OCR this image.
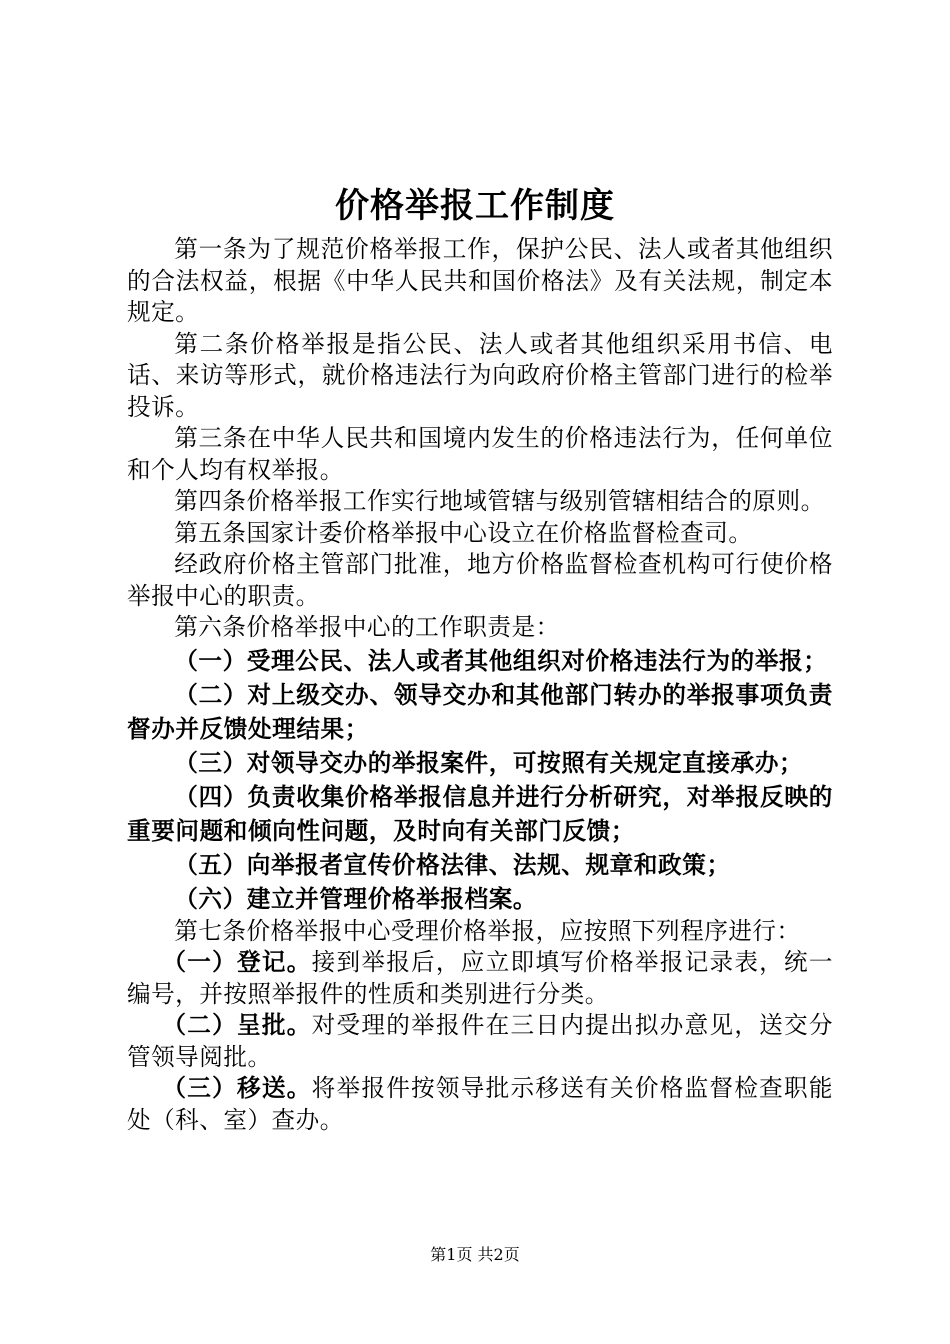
价格举报工作制度

第一条为了规范价格举报工作，保护公民、法人或者其他组织的合法权益，根据《中华人民共和国价格法》及有关法规，制定本规定。

第二条价格举报是指公民、法人或者其他组织采用书信、电话、来访等形式，就价格违法行为向政府价格主管部门进行的检举投诉。

第三条在中华人民共和国境内发生的价格违法行为，任何单位和个人均有权举报。

第四条价格举报工作实行地域管辖与级别管辖相结合的原则。

第五条国家计委价格举报中心设立在价格监督检查司。

经政府价格主管部门批准，地方价格监督检查机构可行使价格举报中心的职责。

第六条价格举报中心的工作职责是：

（一）受理公民、法人或者其他组织对价格违法行为的举报；

（二）对上级交办、领导交办和其他部门转办的举报事项负责督办并反馈处理结果；

（三）对领导交办的举报案件，可按照有关规定直接承办；

（四）负责收集价格举报信息并进行分析研究，对举报反映的重要问题和倾向性问题，及时向有关部门反馈；

（五）向举报者宣传价格法律、法规、规章和政策；

（六）建立并管理价格举报档案。

第七条价格举报中心受理价格举报，应按照下列程序进行：

（一）登记。接到举报后，应立即填写价格举报记录表，统一编号，并按照举报件的性质和类别进行分类。

（二）呈批。对受理的举报件在三日内提出拟办意见，送交分管领导阅批。

（三）移送。将举报件按领导批示移送有关价格监督检查职能处（科、室）查办。

第1页 共2页
